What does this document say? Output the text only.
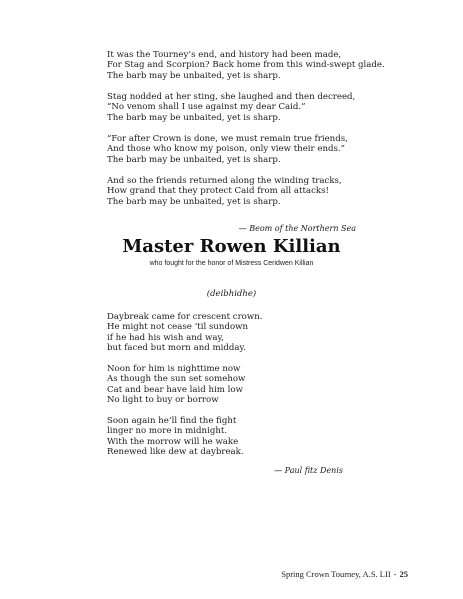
It was the Tourney’s end, and history had been made,
For Stag and Scorpion? Back home from this wind-swept glade.
The barb may be unbaited, yet is sharp.
Stag nodded at her sting, she laughed and then decreed,
“No venom shall I use against my dear Caid.”
The barb may be unbaited, yet is sharp.
“For after Crown is done, we must remain true friends,
And those who know my poison, only view their ends.”
The barb may be unbaited, yet is sharp.
And so the friends returned along the winding tracks,
How grand that they protect Caid from all attacks!
The barb may be unbaited, yet is sharp.
— Beom of the Northern Sea
Master Rowen Killian
who fought for the honor of Mistress Ceridwen Killian
(deibhidhe)
Daybreak came for crescent crown.
He might not cease ‘til sundown
if he had his wish and way,
but faced but morn and midday.
Noon for him is nighttime now
As though the sun set somehow
Cat and bear have laid him low
No light to buy or borrow
Soon again he’ll find the fight
linger no more in midnight.
With the morrow will he wake
Renewed like dew at daybreak.
— Paul fitz Denis
Spring Crown Tourney, A.S. LII - 25
